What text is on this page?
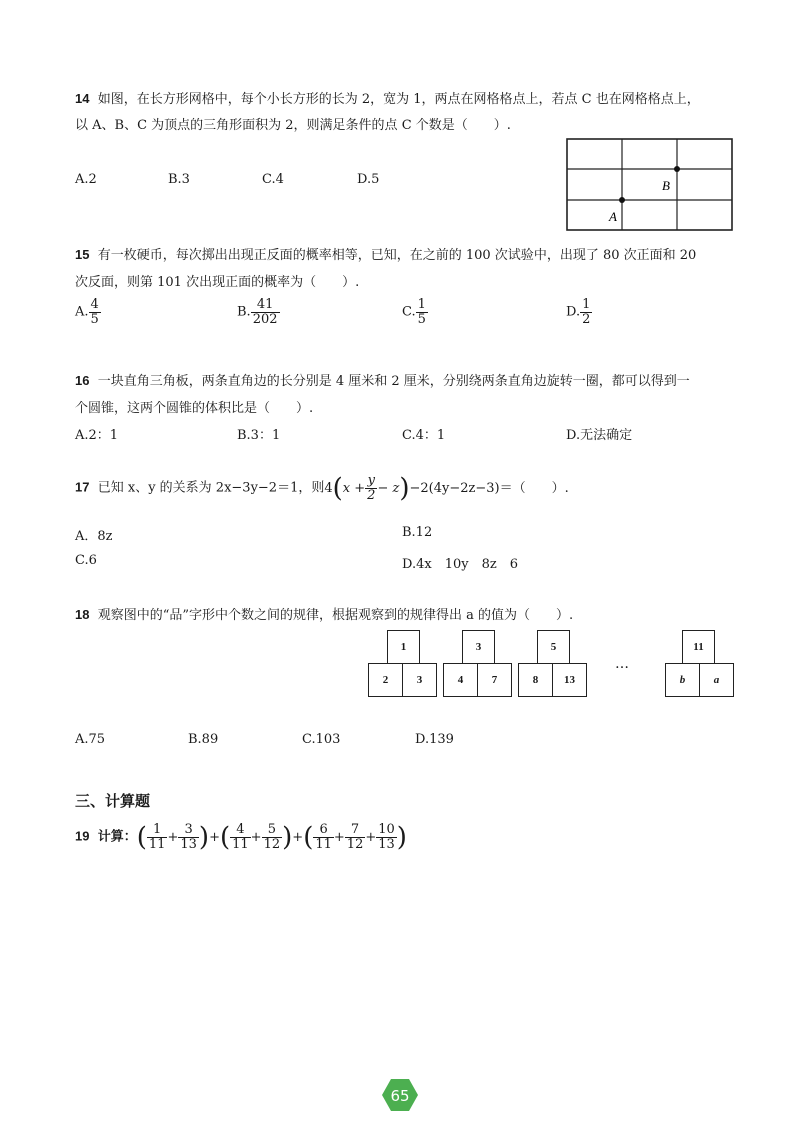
14 如图，在长方形网格中，每个小长方形的长为 2，宽为 1，两点在网格格点上，若点 C 也在网格格点上，
以 A、B、C 为顶点的三角形面积为 2，则满足条件的点 C 个数是（　　）.
A.2	B.3	C.4	D.5
A
B
15 有一枚硬币，每次掷出出现正反面的概率相等，已知，在之前的 100 次试验中，出现了 80 次正面和 20
次反面，则第 101 次出现正面的概率为（　　）.
A. $\frac{4}{5}$	B. $\frac{41}{202}$	C. $\frac{1}{5}$	D. $\frac{1}{2}$
16 一块直角三角板，两条直角边的长分别是 4 厘米和 2 厘米，分别绕两条直角边旋转一圈，都可以得到一
个圆锥，这两个圆锥的体积比是（　　）.
A.2：1	B.3：1	C.4：1	D.无法确定
17 已知 x、y 的关系为 2x−3y−2＝1，则$4(x + \frac{y}{2} - z)-2(4y-2z-3)=$（　　）.
A．8z	B.12
C.6	D.4x　10y　8z　6
18 观察图中的“品”字形中个数之间的规律，根据观察到的规律得出 a 的值为（　　）.
1
2	3
3
4	7
5
8	13
…
11
b	a
A.75	B.89	C.103	D.139
三、计算题
19 计算：( $\frac{1}{11} + \frac{3}{13}$ )+( $\frac{4}{11} + \frac{5}{12}$ )+( $\frac{6}{11} + \frac{7}{12} + \frac{10}{13}$ )
65
